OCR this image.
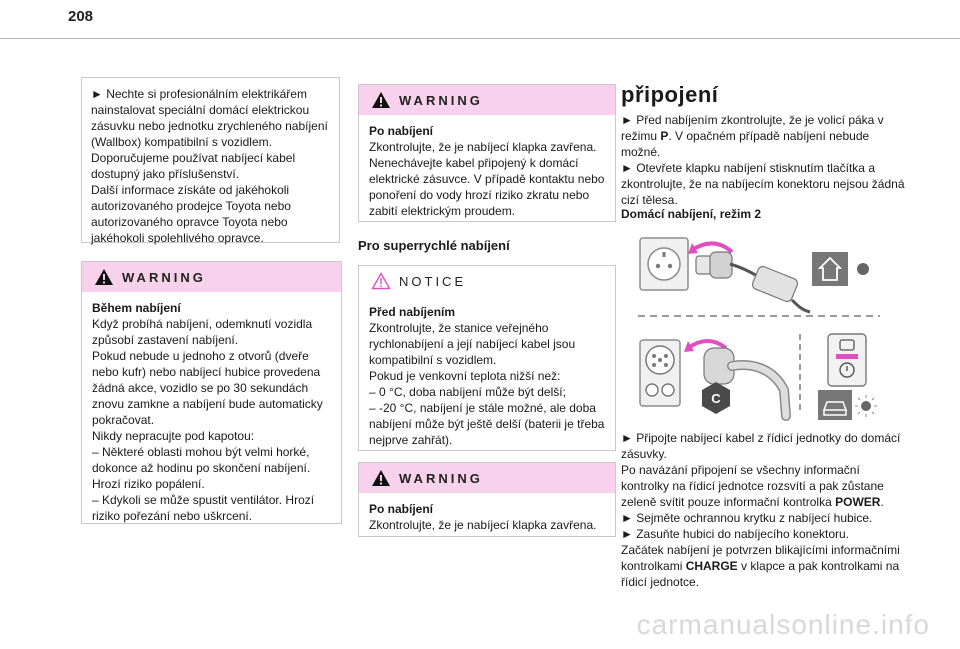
208

► Nechte si profesionálním elektrikářem nainstalovat speciální domácí elektrickou zásuvku nebo jednotku zrychleného nabíjení (Wallbox) kompatibilní s vozidlem.
Doporučujeme používat nabíjecí kabel dostupný jako příslušenství.
Další informace získáte od jakéhokoli autorizovaného prodejce Toyota nebo autorizovaného opravce Toyota nebo jakéhokoli spolehlivého opravce.

WARNING

Během nabíjení

Když probíhá nabíjení, odemknutí vozidla způsobí zastavení nabíjení.
Pokud nebude u jednoho z otvorů (dveře nebo kufr) nebo nabíjecí hubice provedena žádná akce, vozidlo se po 30 sekundách znovu zamkne a nabíjení bude automaticky pokračovat.
Nikdy nepracujte pod kapotou:
– Některé oblasti mohou být velmi horké, dokonce až hodinu po skončení nabíjení. Hrozí riziko popálení.
– Kdykoli se může spustit ventilátor. Hrozí riziko pořezání nebo uškrcení.

WARNING

Po nabíjení

Zkontrolujte, že je nabíjecí klapka zavřena. Nenechávejte kabel připojený k domácí elektrické zásuvce. V případě kontaktu nebo ponoření do vody hrozí riziko zkratu nebo zabití elektrickým proudem.

Pro superrychlé nabíjení
NOTICE

Před nabíjením

Zkontrolujte, že stanice veřejného rychlonabíjení a její nabíjecí kabel jsou kompatibilní s vozidlem.
Pokud je venkovní teplota nižší než:
– 0 °C, doba nabíjení může být delší;
– -20 °C, nabíjení je stále možné, ale doba nabíjení může být ještě delší (baterii je třeba nejprve zahřát).

WARNING

Po nabíjení

Zkontrolujte, že je nabíjecí klapka zavřena.

připojení

► Před nabíjením zkontrolujte, že je volicí páka v režimu P. V opačném případě nabíjení nebude možné.
► Otevřete klapku nabíjení stisknutím tlačítka a zkontrolujte, že na nabíjecím konektoru nejsou žádná cizí tělesa.

Domácí nabíjení, režim 2
C

► Připojte nabíjecí kabel z řídicí jednotky do domácí zásuvky.
Po navázání připojení se všechny informační kontrolky na řídicí jednotce rozsvítí a pak zůstane zeleně svítit pouze informační kontrolka POWER.
► Sejměte ochrannou krytku z nabíjecí hubice.
► Zasuňte hubici do nabíjecího konektoru.
Začátek nabíjení je potvrzen blikajícími informačními kontrolkami CHARGE v klapce a pak kontrolkami na řídicí jednotce.

carmanualsonline.info
